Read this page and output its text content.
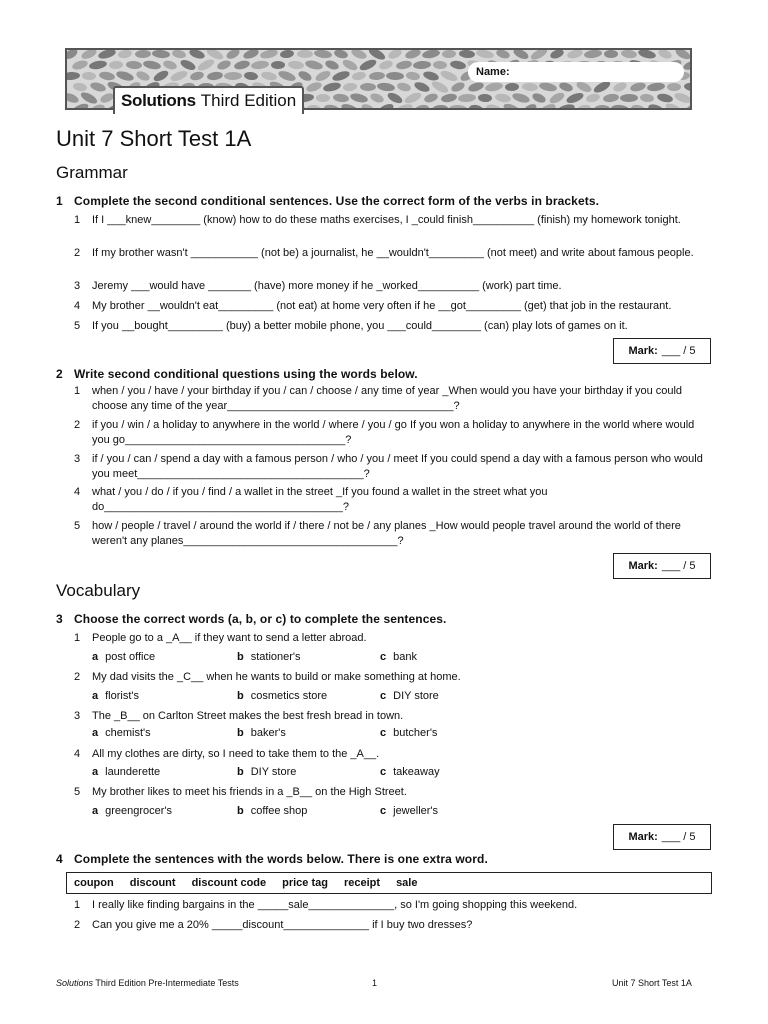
Name:
Solutions Third Edition
Unit 7 Short Test 1A
Grammar
1 Complete the second conditional sentences. Use the correct form of the verbs in brackets.
1 If I ___knew________ (know) how to do these maths exercises, I _could finish__________ (finish) my homework tonight.
2 If my brother wasn't ___________ (not be) a journalist, he __wouldn't_________ (not meet) and write about famous people.
3 Jeremy ___would have _______ (have) more money if he _worked__________ (work) part time.
4 My brother __wouldn't eat_________ (not eat) at home very often if he __got_________ (get) that job in the restaurant.
5 If you __bought_________ (buy) a better mobile phone, you ___could________ (can) play lots of games on it.
Mark: ___ / 5
2 Write second conditional questions using the words below.
1 when / you / have / your birthday if you / can / choose / any time of year _When would you have your birthday if you could choose any time of the year_____________________________________?
2 if you / win / a holiday to anywhere in the world / where / you / go If you won a holiday to anywhere in the world where would you go____________________________________?
3 if / you / can / spend a day with a famous person / who / you / meet If you could spend a day with a famous person who would you meet_____________________________________?
4 what / you / do / if you / find / a wallet in the street _If you found a wallet in the street what you do_______________________________________?
5 how / people / travel / around the world if / there / not be / any planes _How would people travel around the world of there weren't any planes___________________________________?
Mark: ___ / 5
Vocabulary
3 Choose the correct words (a, b, or c) to complete the sentences.
1 People go to a _A__ if they want to send a letter abroad.
a post office	b stationer's	c bank
2 My dad visits the _C__ when he wants to build or make something at home.
a florist's	b cosmetics store	c DIY store
3 The _B__ on Carlton Street makes the best fresh bread in town.
a chemist's	b baker's	c butcher's
4 All my clothes are dirty, so I need to take them to the _A__.
a launderette	b DIY store	c takeaway
5 My brother likes to meet his friends in a _B__ on the High Street.
a greengrocer's	b coffee shop	c jeweller's
Mark: ___ / 5
4 Complete the sentences with the words below. There is one extra word.
coupon discount discount code price tag receipt sale
1 I really like finding bargains in the _____sale______________, so I'm going shopping this weekend.
2 Can you give me a 20% _____discount______________ if I buy two dresses?
Solutions Third Edition Pre-Intermediate Tests	1	Unit 7 Short Test 1A
